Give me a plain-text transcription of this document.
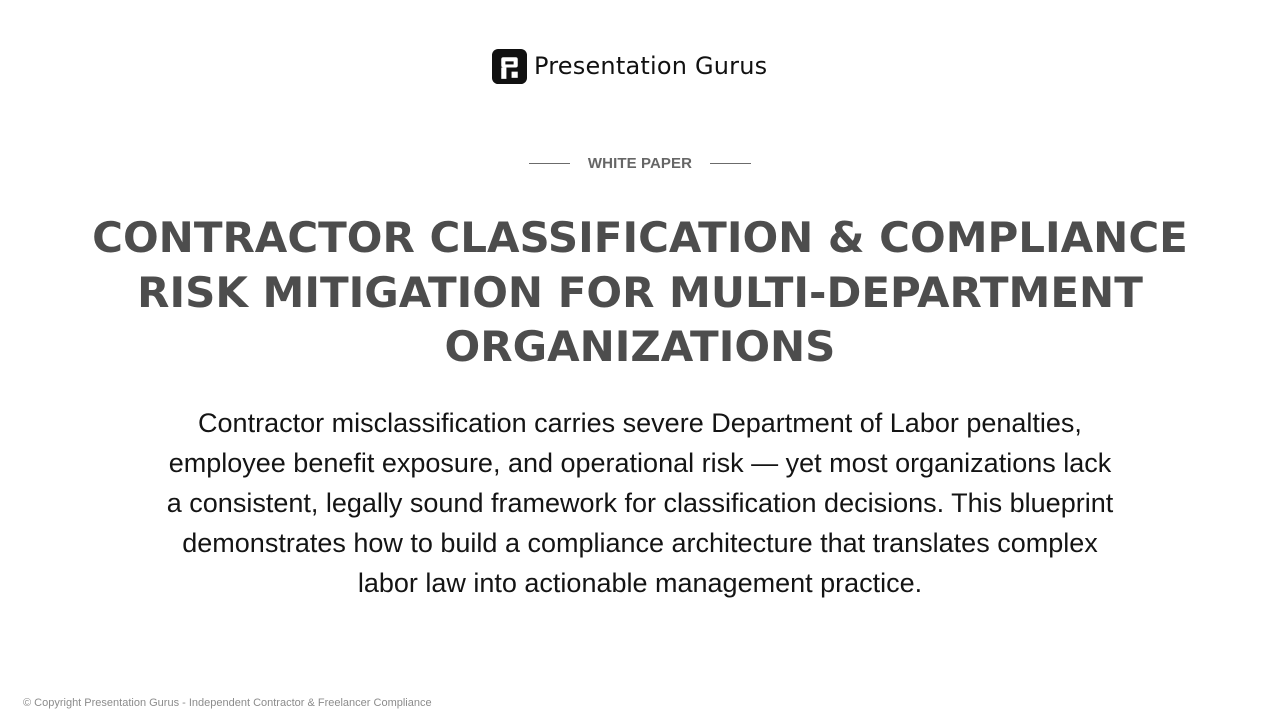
Presentation Gurus
WHITE PAPER
CONTRACTOR CLASSIFICATION & COMPLIANCE RISK MITIGATION FOR MULTI-DEPARTMENT ORGANIZATIONS

Contractor misclassification carries severe Department of Labor penalties, employee benefit exposure, and operational risk — yet most organizations lack a consistent, legally sound framework for classification decisions. This blueprint demonstrates how to build a compliance architecture that translates complex labor law into actionable management practice.

© Copyright Presentation Gurus - Independent Contractor & Freelancer Compliance
